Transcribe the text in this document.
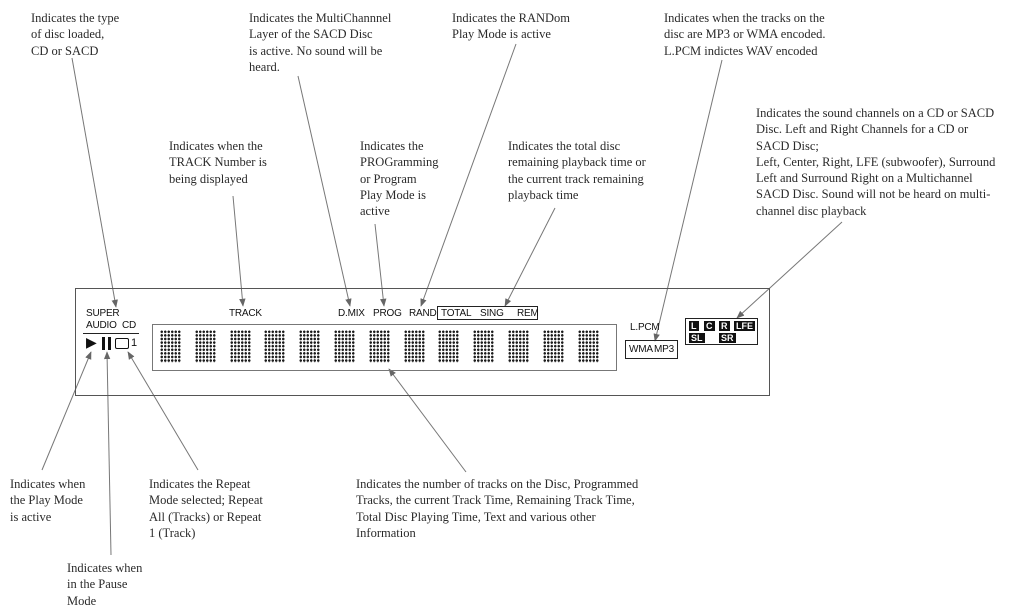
Indicates the type
of disc loaded,
CD or SACD
Indicates the MultiChannnel
Layer of the SACD Disc
is active. No sound will be
heard.
Indicates the RANDom
Play Mode is active
Indicates when the tracks on the
disc are MP3 or WMA encoded.
L.PCM indictes WAV encoded
Indicates when the
TRACK Number is
being displayed
Indicates the
PROGramming
or Program
Play Mode is
active
Indicates the total disc
remaining playback time or
the current track remaining
playback time
Indicates the sound channels on a CD or SACD
Disc. Left and Right Channels for a CD or
SACD Disc;
Left, Center, Right, LFE (subwoofer), Surround
Left and Surround Right on a Multichannel
SACD Disc. Sound will not be heard on multi-
channel disc playback
Indicates when
the Play Mode
is active
Indicates when
in the Pause
Mode
Indicates the Repeat
Mode selected; Repeat
All (Tracks) or Repeat
1 (Track)
Indicates the number of tracks on the Disc, Programmed
Tracks, the current Track Time, Remaining Track Time,
Total Disc Playing Time, Text and various other
Information
SUPER
AUDIO CD
▶	1
TRACK	D.MIX PROG RAND TOTAL SING REM
L.PCM
WMA MP3
L C R LFE
SL SR
